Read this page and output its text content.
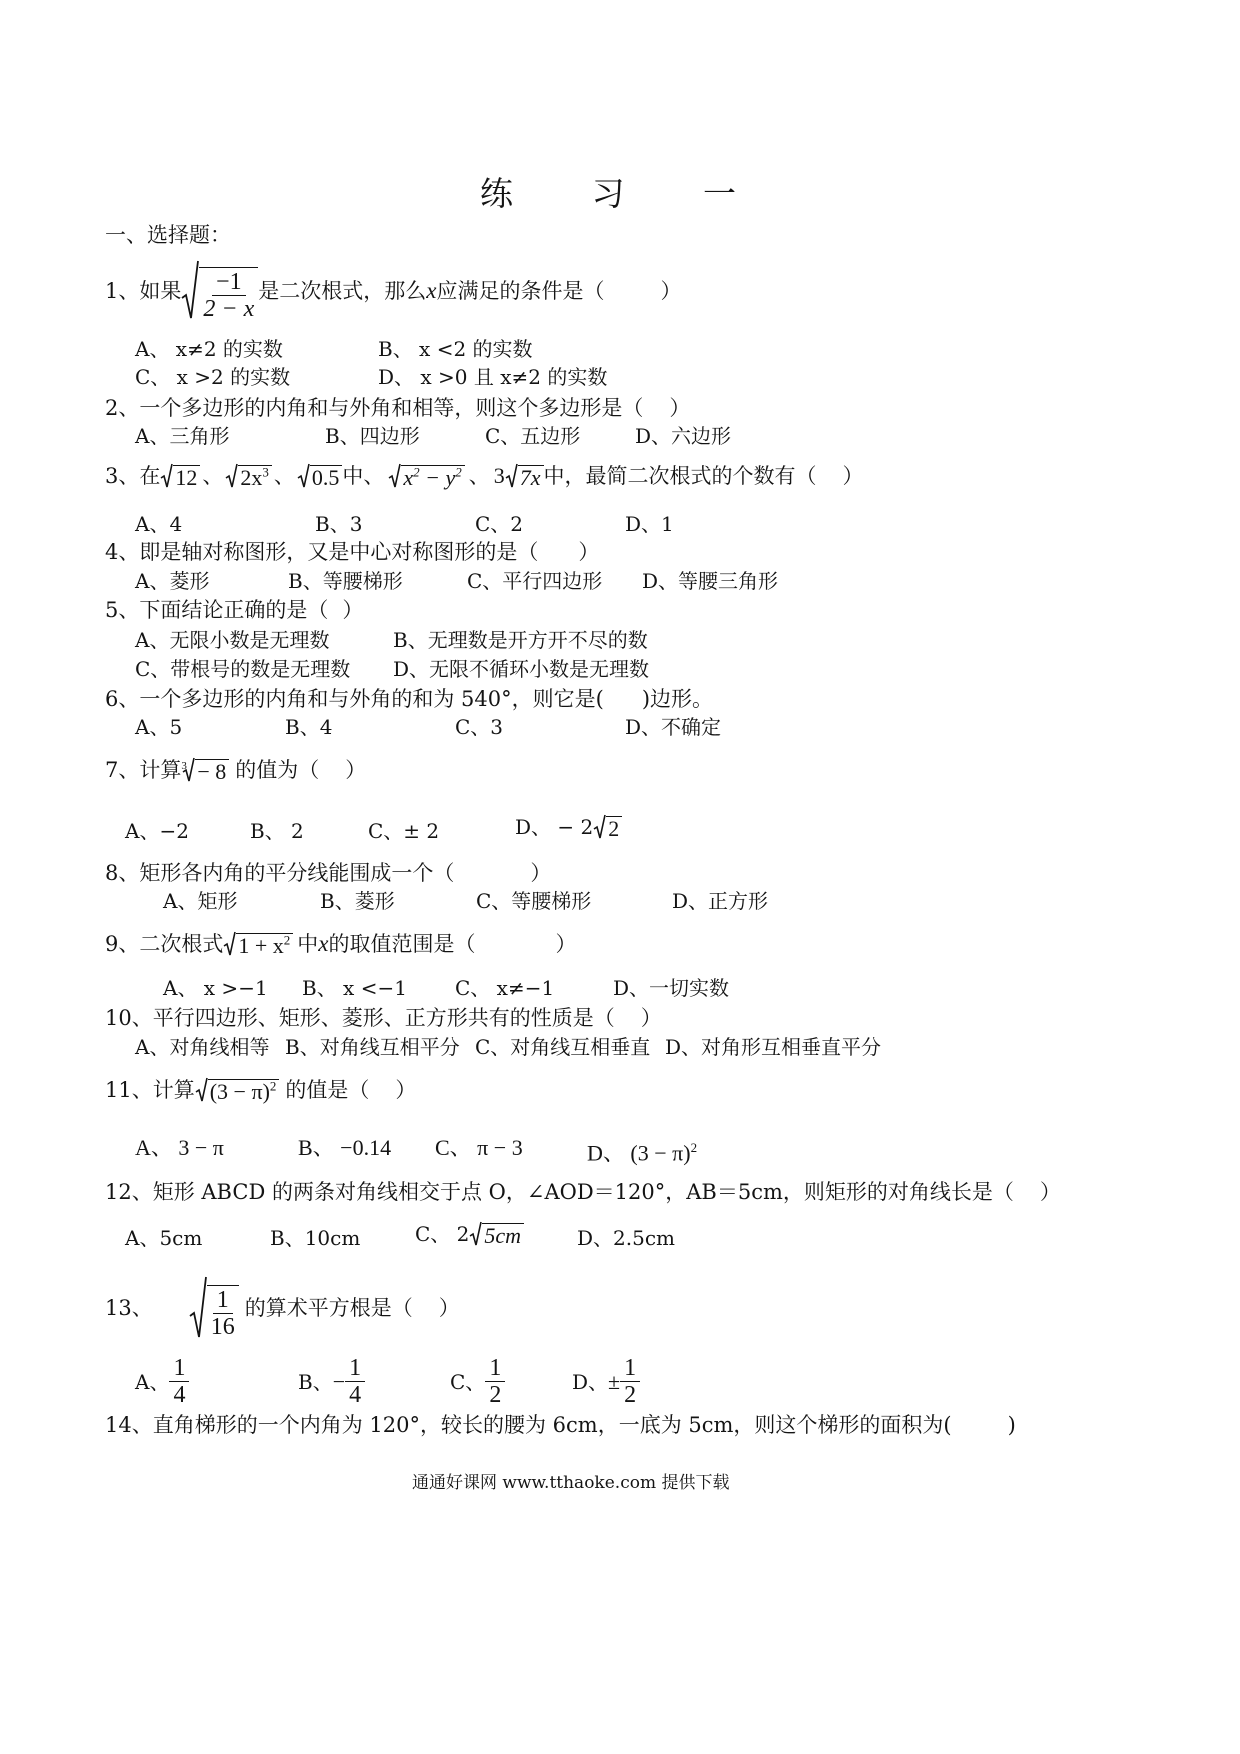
练 习 一
一、选择题：
1、如果 $\frac{-1}{2 - x}$ 是二次根式，那么 x 应满足的条件是（	）
A、 x≠2 的实数	B、 x <2 的实数
C、 x >2 的实数	D、 x >0 且 x≠2 的实数
2、一个多边形的内角和与外角和相等，则这个多边形是（ ）
A、三角形	B、四边形	C、五边形	D、六边形
3、在 12 、 $2x^3$ 、 0.5 中、 $x^2 - y^2$ 、 3 7x 中，最简二次根式的个数有（ ）
A、4	B、3	C、2	D、1
4、即是轴对称图形，又是中心对称图形的是（ ）
A、菱形	B、等腰梯形	C、平行四边形 D、等腰三角形
5、下面结论正确的是（ ）
A、无限小数是无理数	B、无理数是开方开不尽的数
C、带根号的数是无理数 D、无限不循环小数是无理数
6、一个多边形的内角和与外角的和为 540°，则它是( )边形。
A、5	B、4	C、3	D、不确定
7、计算 3 − 8 的值为（ ）
A、−2	B、 2	C、± 2	D、 − 2 2
8、矩形各内角的平分线能围成一个（	）
A、矩形	B、菱形	C、等腰梯形	D、正方形
9、二次根式 $1 + x^2$ 中 x 的取值范围是（	）
A、 x >−1 B、 x <−1 C、 x≠−1	D、一切实数
10、平行四边形、矩形、菱形、正方形共有的性质是（ ）
A、对角线相等 B、对角线互相平分 C、对角线互相垂直 D、对角形互相垂直平分
11、计算 $(3 - \pi)^2$ 的值是（ ）
A、 3 − π	B、 −0.14 C、 π − 3	D、 $(3 - \pi)^2$
12、矩形 ABCD 的两条对角线相交于点 O，∠AOD＝120°，AB＝5cm，则矩形的对角线长是（ ）
A、5cm	B、10cm	C、 2 5cm	D、2.5cm
13、 $\frac{1}{16}$ 的算术平方根是（ ）
A、 $\frac{1}{4}$	B、 − $\frac{1}{4}$	C、 $\frac{1}{2}$	D、 ± $\frac{1}{2}$
14、直角梯形的一个内角为 120°，较长的腰为 6cm，一底为 5cm，则这个梯形的面积为(	)
通通好课网 www.tthaoke.com 提供下载
